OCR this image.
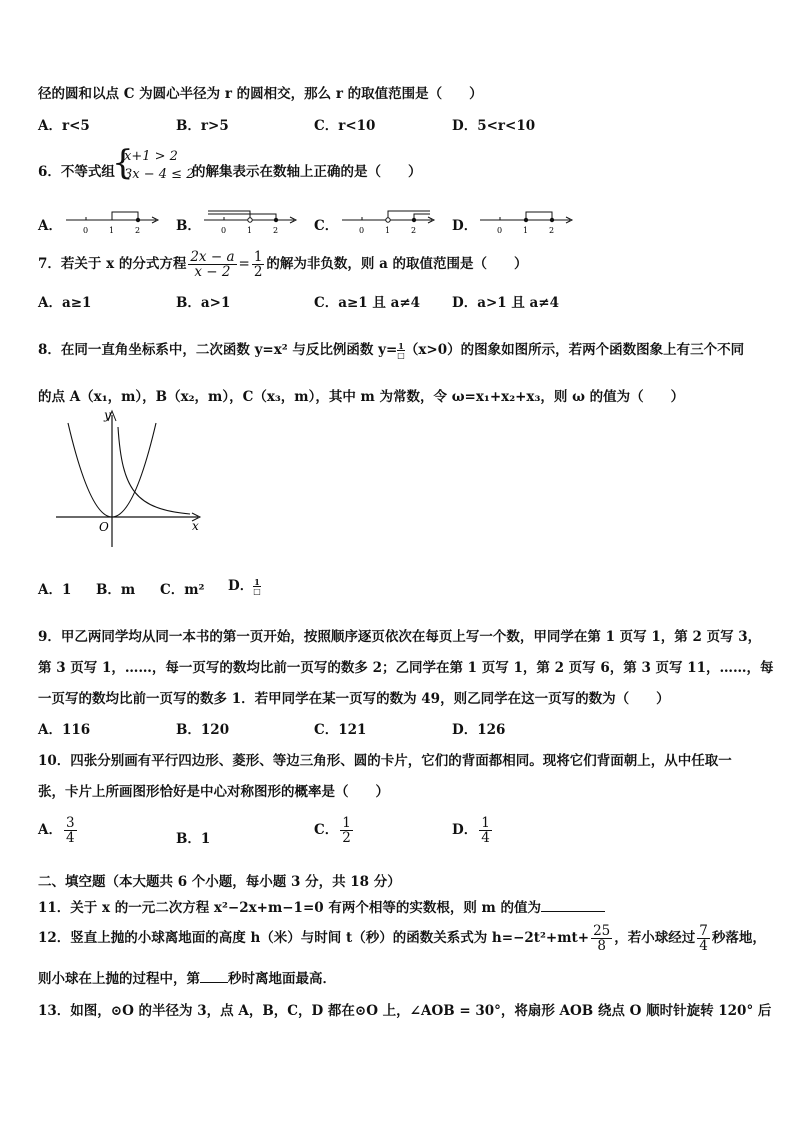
径的圆和以点 C 为圆心半径为 r 的圆相交，那么 r 的取值范围是（　　）
A．r<5	B．r>5	C．r<10	D．5<r<10
6．不等式组
{
x+1 > 2
3x − 4 ≤ 2
的解集表示在数轴上正确的是（　　）
A．	0	1	2	B．	0	1	2	C．	0	1	2	D． 0	1	2
7．若关于 x 的分式方程 $\frac{2x - a}{x - 2} = \frac{1}{2}$ 的解为非负数，则 a 的取值范围是（　　）
A．a≥1	B．a>1	C．a≥1 且 a≠4 D．a>1 且 a≠4
8．在同一直角坐标系中，二次函数 y=x² 与反比例函数 y= 1
□ （x>0）的图象如图所示，若两个函数图象上有三个不同
的点 A（x₁，m），B（x₂，m），C（x₃，m），其中 m 为常数，令 ω=x₁+x₂+x₃，则 ω 的值为（　　）
y
x
O
A．1 B．m C．m² D． 1
□
9．甲乙两同学均从同一本书的第一页开始，按照顺序逐页依次在每页上写一个数，甲同学在第 1 页写 1，第 2 页写 3，
第 3 页写 1，……，每一页写的数均比前一页写的数多 2；乙同学在第 1 页写 1，第 2 页写 6，第 3 页写 11，……，每
一页写的数均比前一页写的数多 1．若甲同学在某一页写的数为 49，则乙同学在这一页写的数为（　　）
A．116	B．120	C．121	D．126
10．四张分别画有平行四边形、菱形、等边三角形、圆的卡片，它们的背面都相同。现将它们背面朝上，从中任取一
张，卡片上所画图形恰好是中心对称图形的概率是（　　）
A． $\frac{3}{4}$	B．1
C． $\frac{1}{2}$	D． $\frac{1}{4}$
二、填空题（本大题共 6 个小题，每小题 3 分，共 18 分）
11．关于 x 的一元二次方程 x²−2x+m−1=0 有两个相等的实数根，则 m 的值为
12．竖直上抛的小球离地面的高度 h（米）与时间 t（秒）的函数关系式为 $h=-2t^2+mt+ \frac{25}{8}$ ，若小球经过 $\frac{7}{4}$ 秒落地，
则小球在上抛的过程中，第 秒时离地面最高．
13．如图，⊙O 的半径为 3，点 A，B，C，D 都在⊙O 上，∠AOB = 30°，将扇形 AOB 绕点 O 顺时针旋转 120° 后
